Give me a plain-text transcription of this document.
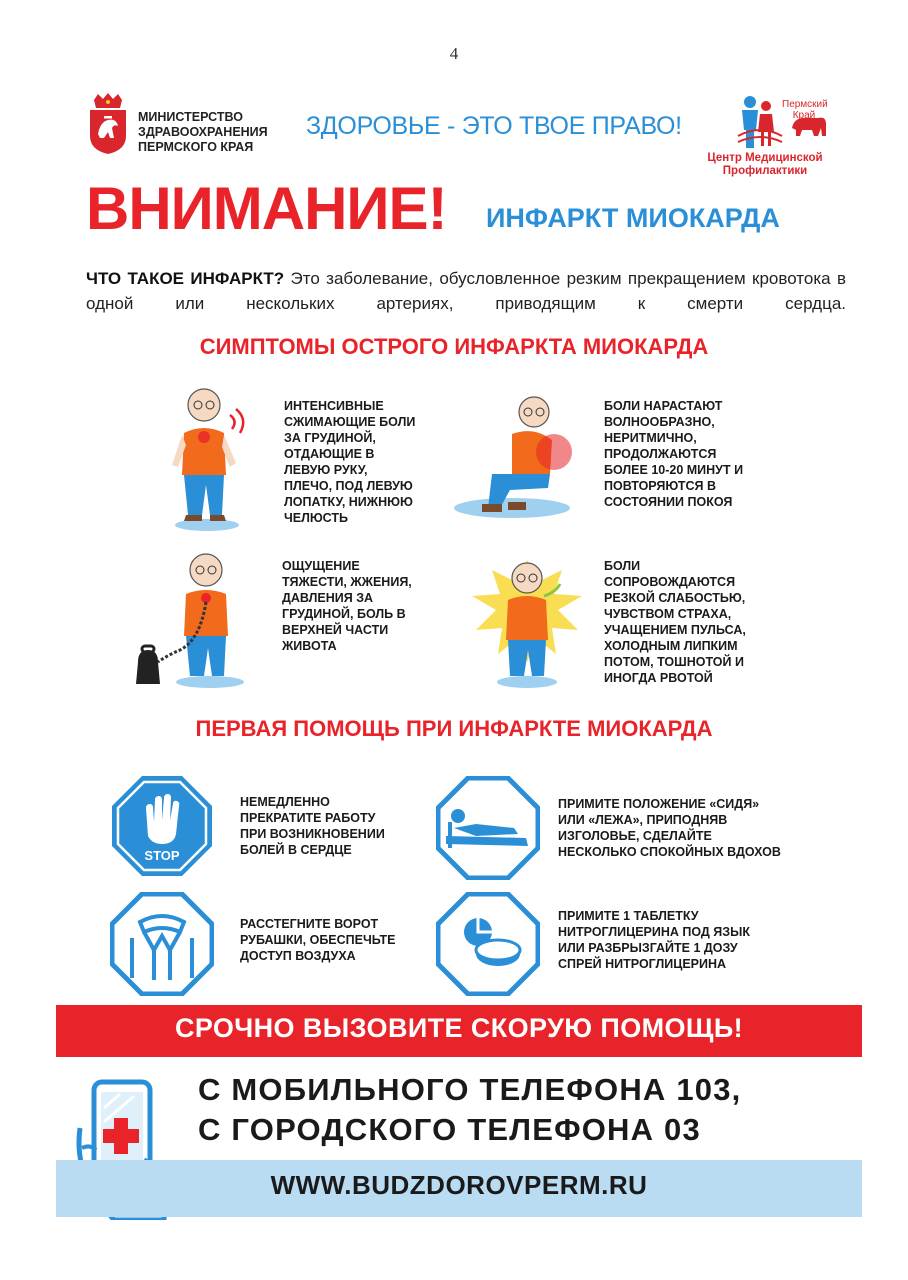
4
МИНИСТЕРСТВО
ЗДРАВООХРАНЕНИЯ
ПЕРМСКОГО КРАЯ
ЗДОРОВЬЕ - ЭТО ТВОЕ ПРАВО!
Пермский
Край
Центр Медицинской
Профилактики
ВНИМАНИЕ! ИНФАРКТ МИОКАРДА
ЧТО ТАКОЕ ИНФАРКТ? Это заболевание, обусловленное резким прекращением кровотока в одной или нескольких артериях, приводящим к смерти сердца.
СИМПТОМЫ ОСТРОГО ИНФАРКТА МИОКАРДА
ИНТЕНСИВНЫЕ
СЖИМАЮЩИЕ БОЛИ
ЗА ГРУДИНОЙ,
ОТДАЮЩИЕ В
ЛЕВУЮ РУКУ,
ПЛЕЧО, ПОД ЛЕВУЮ
ЛОПАТКУ, НИЖНЮЮ
ЧЕЛЮСТЬ
БОЛИ НАРАСТАЮТ
ВОЛНООБРАЗНО,
НЕРИТМИЧНО,
ПРОДОЛЖАЮТСЯ
БОЛЕЕ 10-20 МИНУТ И
ПОВТОРЯЮТСЯ В
СОСТОЯНИИ ПОКОЯ
ОЩУЩЕНИЕ
ТЯЖЕСТИ, ЖЖЕНИЯ,
ДАВЛЕНИЯ ЗА
ГРУДИНОЙ, БОЛЬ В
ВЕРХНЕЙ ЧАСТИ
ЖИВОТА
БОЛИ
СОПРОВОЖДАЮТСЯ
РЕЗКОЙ СЛАБОСТЬЮ,
ЧУВСТВОМ СТРАХА,
УЧАЩЕНИЕМ ПУЛЬСА,
ХОЛОДНЫМ ЛИПКИМ
ПОТОМ, ТОШНОТОЙ И
ИНОГДА РВОТОЙ
ПЕРВАЯ ПОМОЩЬ ПРИ ИНФАРКТЕ МИОКАРДА
STOP
НЕМЕДЛЕННО
ПРЕКРАТИТЕ РАБОТУ
ПРИ ВОЗНИКНОВЕНИИ
БОЛЕЙ В СЕРДЦЕ
ПРИМИТЕ ПОЛОЖЕНИЕ «СИДЯ»
ИЛИ «ЛЕЖА», ПРИПОДНЯВ
ИЗГОЛОВЬЕ, СДЕЛАЙТЕ
НЕСКОЛЬКО СПОКОЙНЫХ ВДОХОВ
РАССТЕГНИТЕ ВОРОТ
РУБАШКИ, ОБЕСПЕЧЬТЕ
ДОСТУП ВОЗДУХА
ПРИМИТЕ 1 ТАБЛЕТКУ
НИТРОГЛИЦЕРИНА ПОД ЯЗЫК
ИЛИ РАЗБРЫЗГАЙТЕ 1 ДОЗУ
СПРЕЙ НИТРОГЛИЦЕРИНА
СРОЧНО ВЫЗОВИТЕ СКОРУЮ ПОМОЩЬ!
С МОБИЛЬНОГО ТЕЛЕФОНА 103,
С ГОРОДСКОГО ТЕЛЕФОНА 03
WWW.BUDZDOROVPERM.RU
